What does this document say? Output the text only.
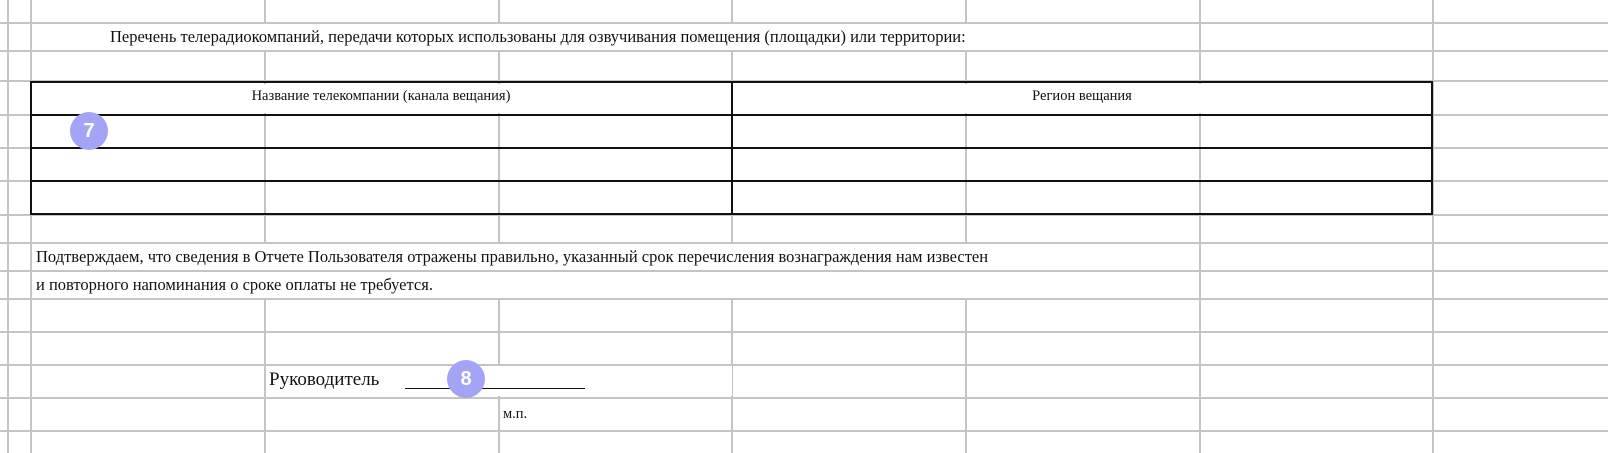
Перечень телерадиокомпаний, передачи которых использованы для озвучивания помещения (площадки) или территории:
Название телекомпании (канала вещания)	Регион вещания
Подтверждаем, что сведения в Отчете Пользователя отражены правильно, указанный срок перечисления вознаграждения нам известен
и повторного напоминания о сроке оплаты не требуется.
Руководитель
м.п.
7
8
